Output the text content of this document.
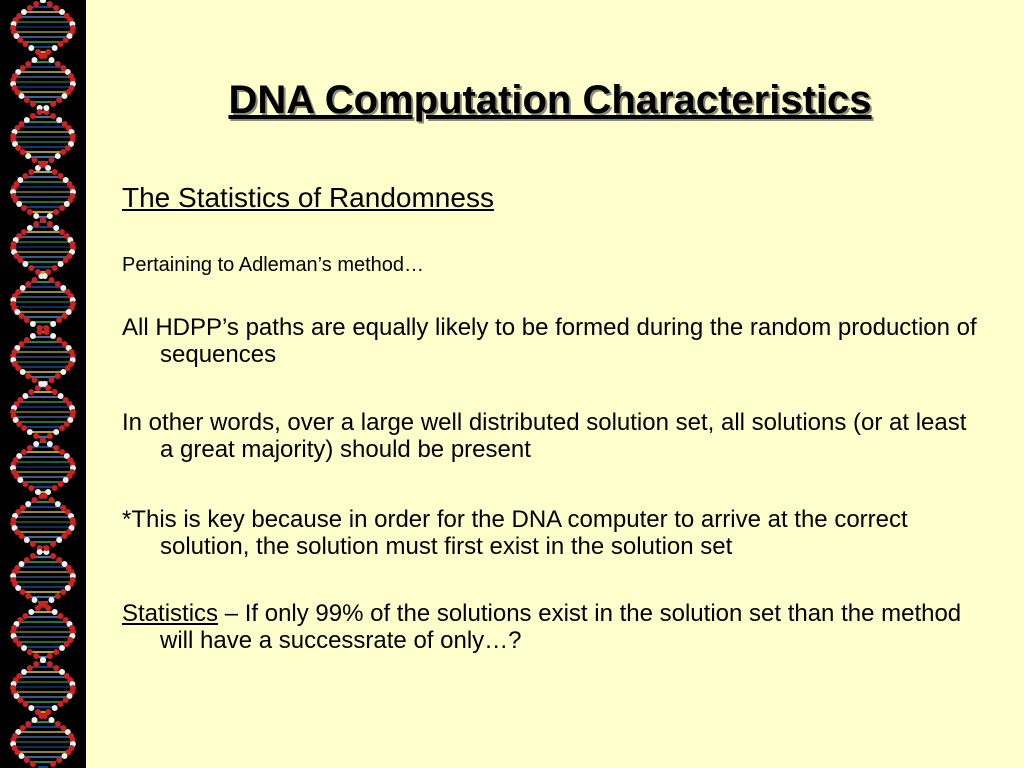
DNA Computation Characteristics
The Statistics of Randomness
Pertaining to Adleman’s method…

All HDPP’s paths are equally likely to be formed during the random production of sequences

In other words, over a large well distributed solution set, all solutions (or at least a great majority) should be present

*This is key because in order for the DNA computer to arrive at the correct solution, the solution must first exist in the solution set

Statistics – If only 99% of the solutions exist in the solution set than the method will have a successrate of only…?
